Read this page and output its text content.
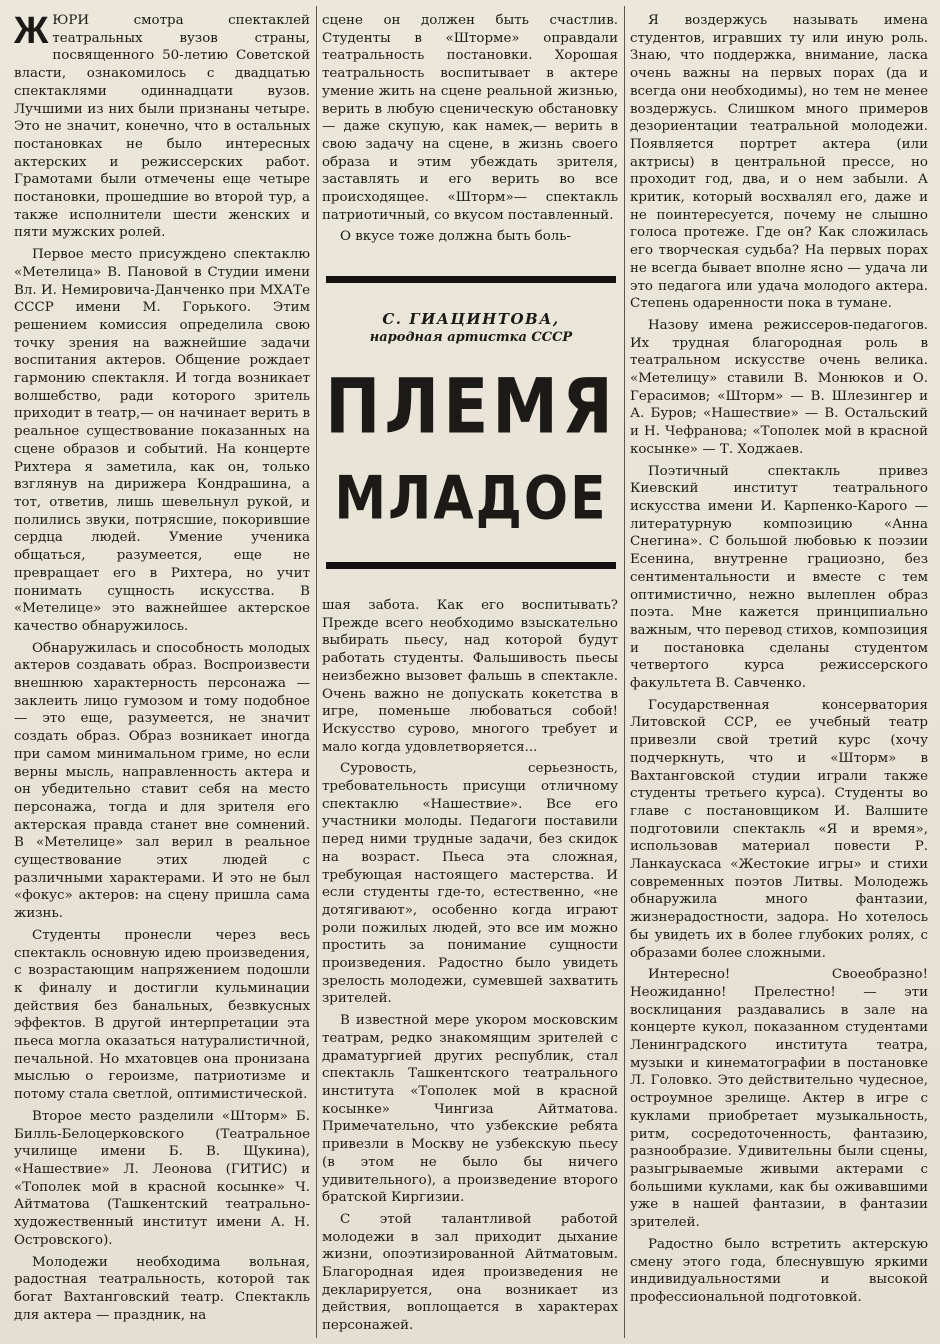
Ж ЮРИ смотра спектаклей театральных вузов страны, посвященного 50-летию Советской власти, ознакомилось с двадцатью спектаклями одиннадцати вузов. Лучшими из них были признаны четыре. Это не значит, конечно, что в остальных постановках не было интересных актерских и режиссерских работ. Грамотами были отмечены еще четыре постановки, прошедшие во второй тур, а также исполнители шести женских и пяти мужских ролей.

Первое место присуждено спектаклю «Метелица» В. Пановой в Студии имени Вл. И. Немировича-Данченко при МХАТе СССР имени М. Горького. Этим решением комиссия определила свою точку зрения на важнейшие задачи воспитания актеров. Общение рождает гармонию спектакля. И тогда возникает волшебство, ради которого зритель приходит в театр,— он начинает верить в реальное существование показанных на сцене образов и событий. На концерте Рихтера я заметила, как он, только взглянув на дирижера Кондрашина, а тот, ответив, лишь шевельнул рукой, и полились звуки, потрясшие, покорившие сердца людей. Умение ученика общаться, разумеется, еще не превращает его в Рихтера, но учит понимать сущность искусства. В «Метелице» это важнейшее актерское качество обнаружилось.

Обнаружилась и способность молодых актеров создавать образ. Воспроизвести внешнюю характерность персонажа — заклеить лицо гумозом и тому подобное — это еще, разумеется, не значит создать образ. Образ возникает иногда при самом минимальном гриме, но если верны мысль, направленность актера и он убедительно ставит себя на место персонажа, тогда и для зрителя его актерская правда станет вне сомнений. В «Метелице» зал верил в реальное существование этих людей с различными характерами. И это не был «фокус» актеров: на сцену пришла сама жизнь.

Студенты пронесли через весь спектакль основную идею произведения, с возрастающим напряжением подошли к финалу и достигли кульминации действия без банальных, безвкусных эффектов. В другой интерпретации эта пьеса могла оказаться натуралистичной, печальной. Но мхатовцев она пронизана мыслью о героизме, патриотизме и потому стала светлой, оптимистической.

Второе место разделили «Шторм» Б. Билль-Белоцерковского (Театральное училище имени Б. В. Щукина), «Нашествие» Л. Леонова (ГИТИС) и «Тополек мой в красной косынке» Ч. Айтматова (Ташкентский театрально-художественный институт имени А. Н. Островского).

Молодежи необходима вольная, радостная театральность, которой так богат Вахтанговский театр. Спектакль для актера — праздник, на

сцене он должен быть счастлив. Студенты в «Шторме» оправдали театральность постановки. Хорошая театральность воспитывает в актере умение жить на сцене реальной жизнью, верить в любую сценическую обстановку — даже скупую, как намек,— верить в свою задачу на сцене, в жизнь своего образа и этим убеждать зрителя, заставлять и его верить во все происходящее. «Шторм»— спектакль патриотичный, со вкусом поставленный.

О вкусе тоже должна быть боль-

С. ГИАЦИНТОВА,
народная артистка СССР
ПЛЕМЯ
МЛАДОЕ

шая забота. Как его воспитывать? Прежде всего необходимо взыскательно выбирать пьесу, над которой будут работать студенты. Фальшивость пьесы неизбежно вызовет фальшь в спектакле. Очень важно не допускать кокетства в игре, поменьше любоваться собой! Искусство сурово, многого требует и мало когда удовлетворяется...

Суровость, серьезность, требовательность присущи отличному спектаклю «Нашествие». Все его участники молоды. Педагоги поставили перед ними трудные задачи, без скидок на возраст. Пьеса эта сложная, требующая настоящего мастерства. И если студенты где-то, естественно, «не дотягивают», особенно когда играют роли пожилых людей, это все им можно простить за понимание сущности произведения. Радостно было увидеть зрелость молодежи, сумевшей захватить зрителей.

В известной мере укором московским театрам, редко знакомящим зрителей с драматургией других республик, стал спектакль Ташкентского театрального института «Тополек мой в красной косынке» Чингиза Айтматова. Примечательно, что узбекские ребята привезли в Москву не узбекскую пьесу (в этом не было бы ничего удивительного), а произведение второго братской Киргизии.

С этой талантливой работой молодежи в зал приходит дыхание жизни, опоэтизированной Айтматовым. Благородная идея произведения не декларируется, она возникает из действия, воплощается в характерах персонажей.

Я воздержусь называть имена студентов, игравших ту или иную роль. Знаю, что поддержка, внимание, ласка очень важны на первых порах (да и всегда они необходимы), но тем не менее воздержусь. Слишком много примеров дезориентации театральной молодежи. Появляется портрет актера (или актрисы) в центральной прессе, но проходит год, два, и о нем забыли. А критик, который восхвалял его, даже и не поинтересуется, почему не слышно голоса протеже. Где он? Как сложилась его творческая судьба? На первых порах не всегда бывает вполне ясно — удача ли это педагога или удача молодого актера. Степень одаренности пока в тумане.

Назову имена режиссеров-педагогов. Их трудная благородная роль в театральном искусстве очень велика. «Метелицу» ставили В. Монюков и О. Герасимов; «Шторм» — В. Шлезингер и А. Буров; «Нашествие» — В. Остальский и Н. Чефранова; «Тополек мой в красной косынке» — Т. Ходжаев.

Поэтичный спектакль привез Киевский институт театрального искусства имени И. Карпенко-Карого — литературную композицию «Анна Снегина». С большой любовью к поэзии Есенина, внутренне грациозно, без сентиментальности и вместе с тем оптимистично, нежно вылеплен образ поэта. Мне кажется принципиально важным, что перевод стихов, композиция и постановка сделаны студентом четвертого курса режиссерского факультета В. Савченко.

Государственная консерватория Литовской ССР, ее учебный театр привезли свой третий курс (хочу подчеркнуть, что и «Шторм» в Вахтанговской студии играли также студенты третьего курса). Студенты во главе с постановщиком И. Валшите подготовили спектакль «Я и время», использовав материал повести Р. Ланкаускаса «Жестокие игры» и стихи современных поэтов Литвы. Молодежь обнаружила много фантазии, жизнерадостности, задора. Но хотелось бы увидеть их в более глубоких ролях, с образами более сложными.

Интересно! Своеобразно! Неожиданно! Прелестно! — эти восклицания раздавались в зале на концерте кукол, показанном студентами Ленинградского института театра, музыки и кинематографии в постановке Л. Головко. Это действительно чудесное, остроумное зрелище. Актер в игре с куклами приобретает музыкальность, ритм, сосредоточенность, фантазию, разнообразие. Удивительны были сцены, разыгрываемые живыми актерами с большими куклами, как бы оживавшими уже в нашей фантазии, в фантазии зрителей.

Радостно было встретить актерскую смену этого года, блеснувшую яркими индивидуальностями и высокой профессиональной подготовкой.
